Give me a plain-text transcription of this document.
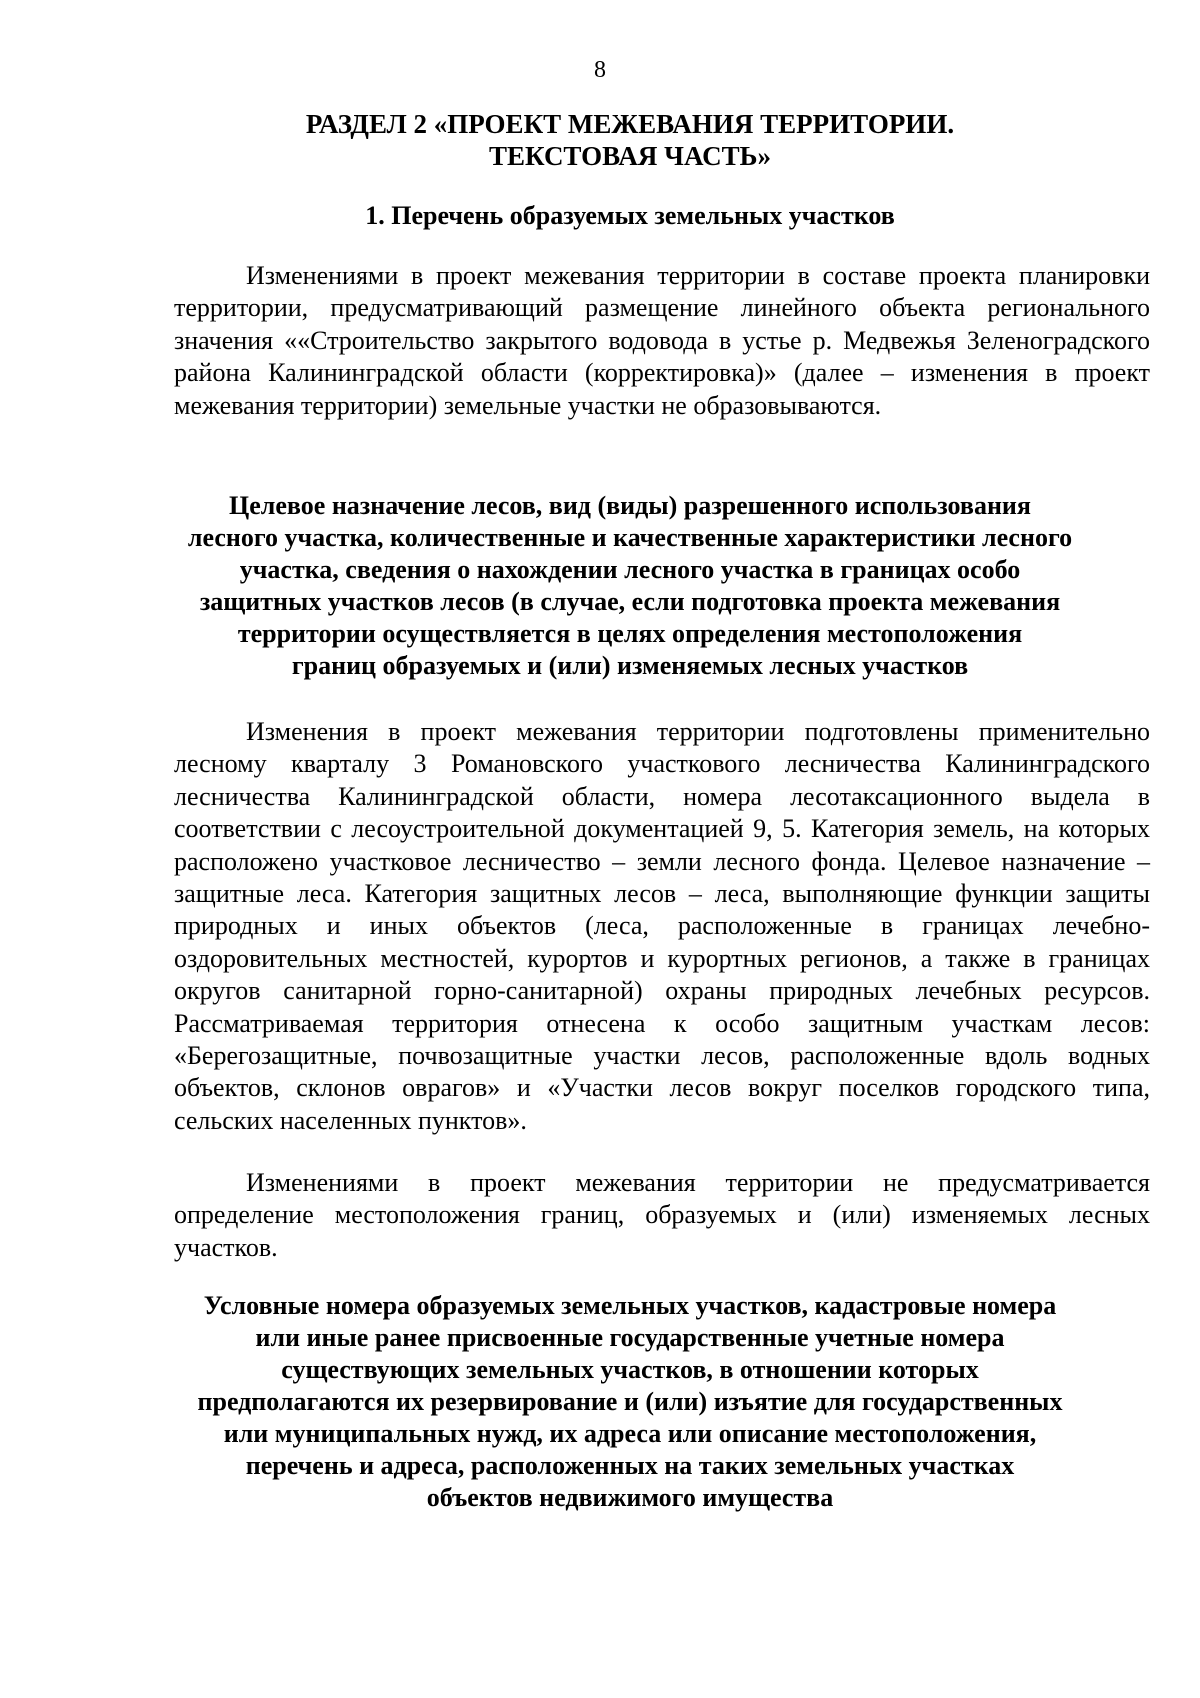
8
РАЗДЕЛ 2 «ПРОЕКТ МЕЖЕВАНИЯ ТЕРРИТОРИИ.
ТЕКСТОВАЯ ЧАСТЬ»
1. Перечень образуемых земельных участков

Изменениями в проект межевания территории в составе проекта планировки территории, предусматривающий размещение линейного объекта регионального значения ««Строительство закрытого водовода в устье р. Медвежья Зеленоградского района Калининградской области (корректировка)» (далее – изменения в проект межевания территории) земельные участки не образовываются.

Целевое назначение лесов, вид (виды) разрешенного использования
лесного участка, количественные и качественные характеристики лесного
участка, сведения о нахождении лесного участка в границах особо
защитных участков лесов (в случае, если подготовка проекта межевания
территории осуществляется в целях определения местоположения
границ образуемых и (или) изменяемых лесных участков

Изменения в проект межевания территории подготовлены применительно лесному кварталу 3 Романовского участкового лесничества Калининградского лесничества Калининградской области, номера лесотаксационного выдела в соответствии с лесоустроительной документацией 9, 5. Категория земель, на которых расположено участковое лесничество – земли лесного фонда. Целевое назначение – защитные леса. Категория защитных лесов – леса, выполняющие функции защиты природных и иных объектов (леса, расположенные в границах лечебно-оздоровительных местностей, курортов и курортных регионов, а также в границах округов санитарной горно-санитарной) охраны природных лечебных ресурсов. Рассматриваемая территория отнесена к особо защитным участкам лесов: «Берегозащитные, почвозащитные участки лесов, расположенные вдоль водных объектов, склонов оврагов» и «Участки лесов вокруг поселков городского типа, сельских населенных пунктов».

Изменениями в проект межевания территории не предусматривается определение местоположения границ, образуемых и (или) изменяемых лесных участков.

Условные номера образуемых земельных участков, кадастровые номера
или иные ранее присвоенные государственные учетные номера
существующих земельных участков, в отношении которых
предполагаются их резервирование и (или) изъятие для государственных
или муниципальных нужд, их адреса или описание местоположения,
перечень и адреса, расположенных на таких земельных участках
объектов недвижимого имущества
